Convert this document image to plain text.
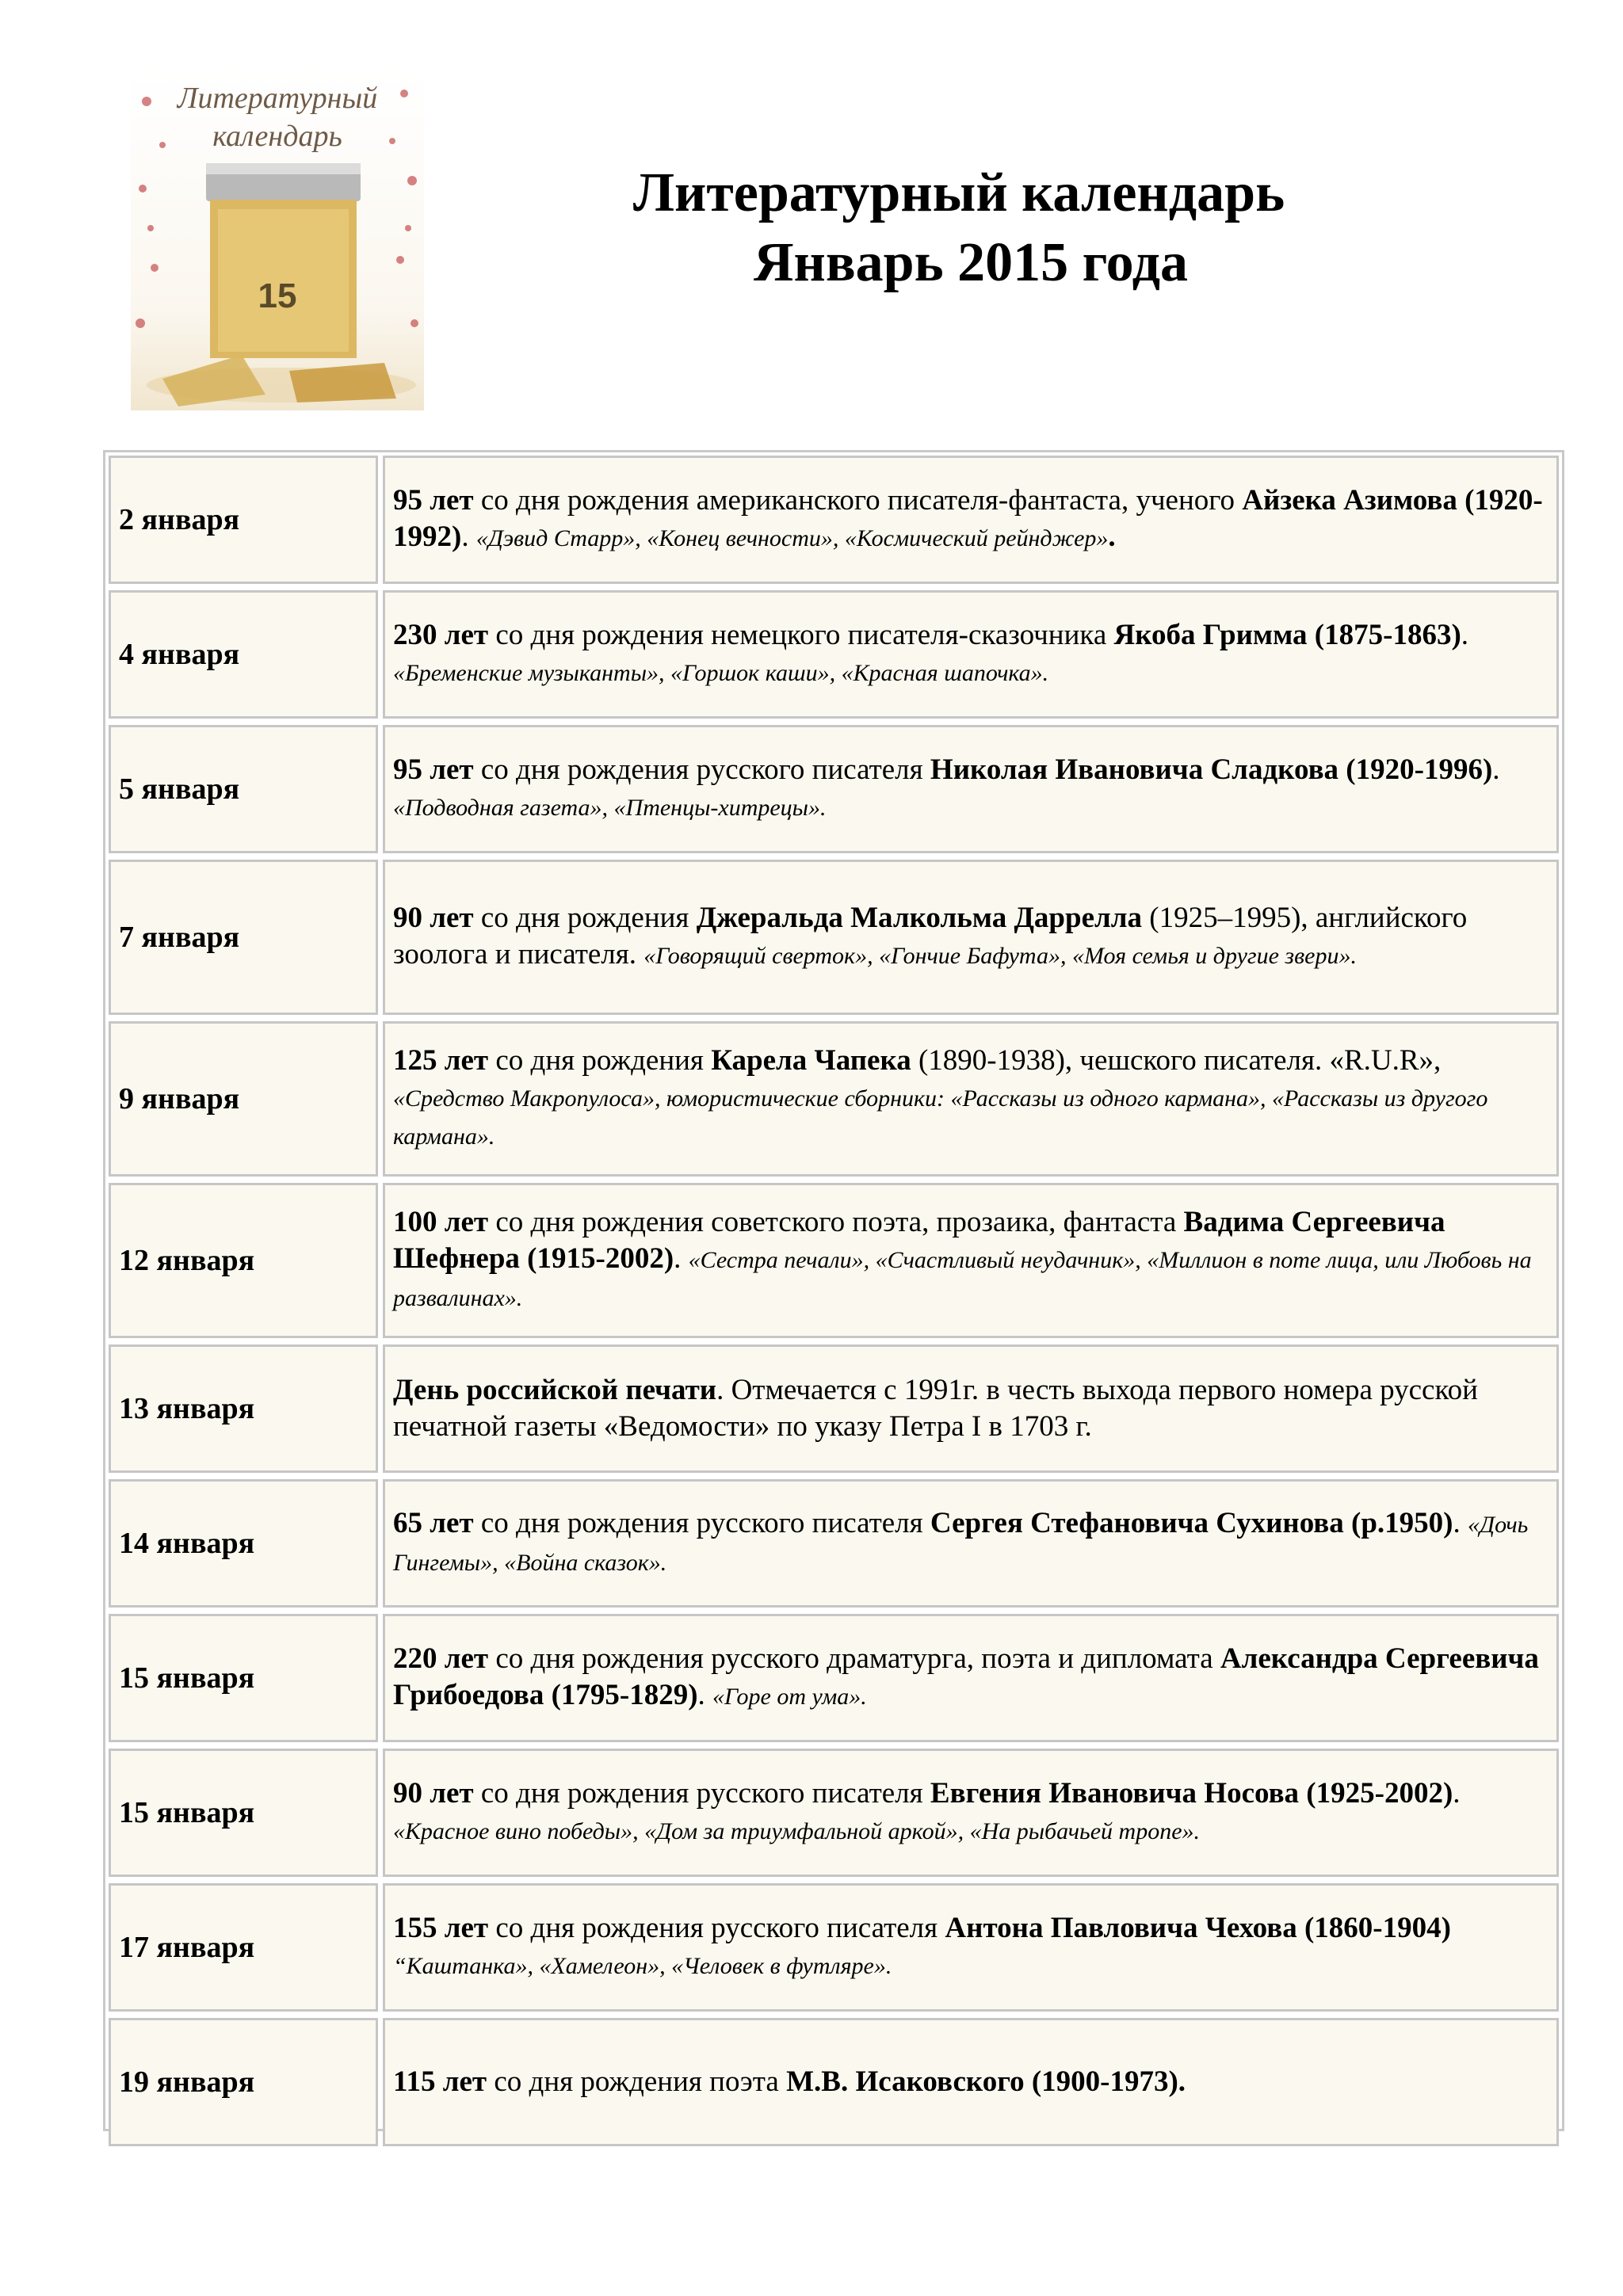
15
Литературный
календарь
Литературный календарь
Январь 2015 года
2 января
95 лет со дня рождения американского писателя-фантаста, ученого Айзека Азимова (1920-1992). «Дэвид Старр», «Конец вечности», «Космический рейнджер».
4 января
230 лет со дня рождения немецкого писателя-сказочника Якоба Гримма (1875-1863). «Бременские музыканты», «Горшок каши», «Красная шапочка».
5 января
95 лет со дня рождения русского писателя Николая Ивановича Сладкова (1920-1996). «Подводная газета», «Птенцы-хитрецы».
7 января
90 лет со дня рождения Джеральда Малкольма Даррелла (1925–1995), английского зоолога и писателя. «Говорящий сверток», «Гончие Бафута», «Моя семья и другие звери».
9 января
125 лет со дня рождения Карела Чапека (1890-1938), чешского писателя. «R.U.R», «Средство Макропулоса», юмористические сборники: «Рассказы из одного кармана», «Рассказы из другого кармана».
12 января
100 лет со дня рождения советского поэта, прозаика, фантаста Вадима Сергеевича Шефнера (1915-2002). «Сестра печали», «Счастливый неудачник», «Миллион в поте лица, или Любовь на развалинах».
13 января
День российской печати. Отмечается с 1991г. в честь выхода первого номера русской печатной газеты «Ведомости» по указу Петра I в 1703 г.
14 января
65 лет со дня рождения русского писателя Сергея Стефановича Сухинова (р.1950). «Дочь Гингемы», «Война сказок».
15 января
220 лет со дня рождения русского драматурга, поэта и дипломата Александра Сергеевича Грибоедова (1795-1829). «Горе от ума».
15 января
90 лет со дня рождения русского писателя Евгения Ивановича Носова (1925-2002). «Красное вино победы», «Дом за триумфальной аркой», «На рыбачьей тропе».
17 января
155 лет со дня рождения русского писателя Антона Павловича Чехова (1860-1904) “Каштанка», «Хамелеон», «Человек в футляре».
19 января	115 лет со дня рождения поэта М.В. Исаковского (1900-1973).
